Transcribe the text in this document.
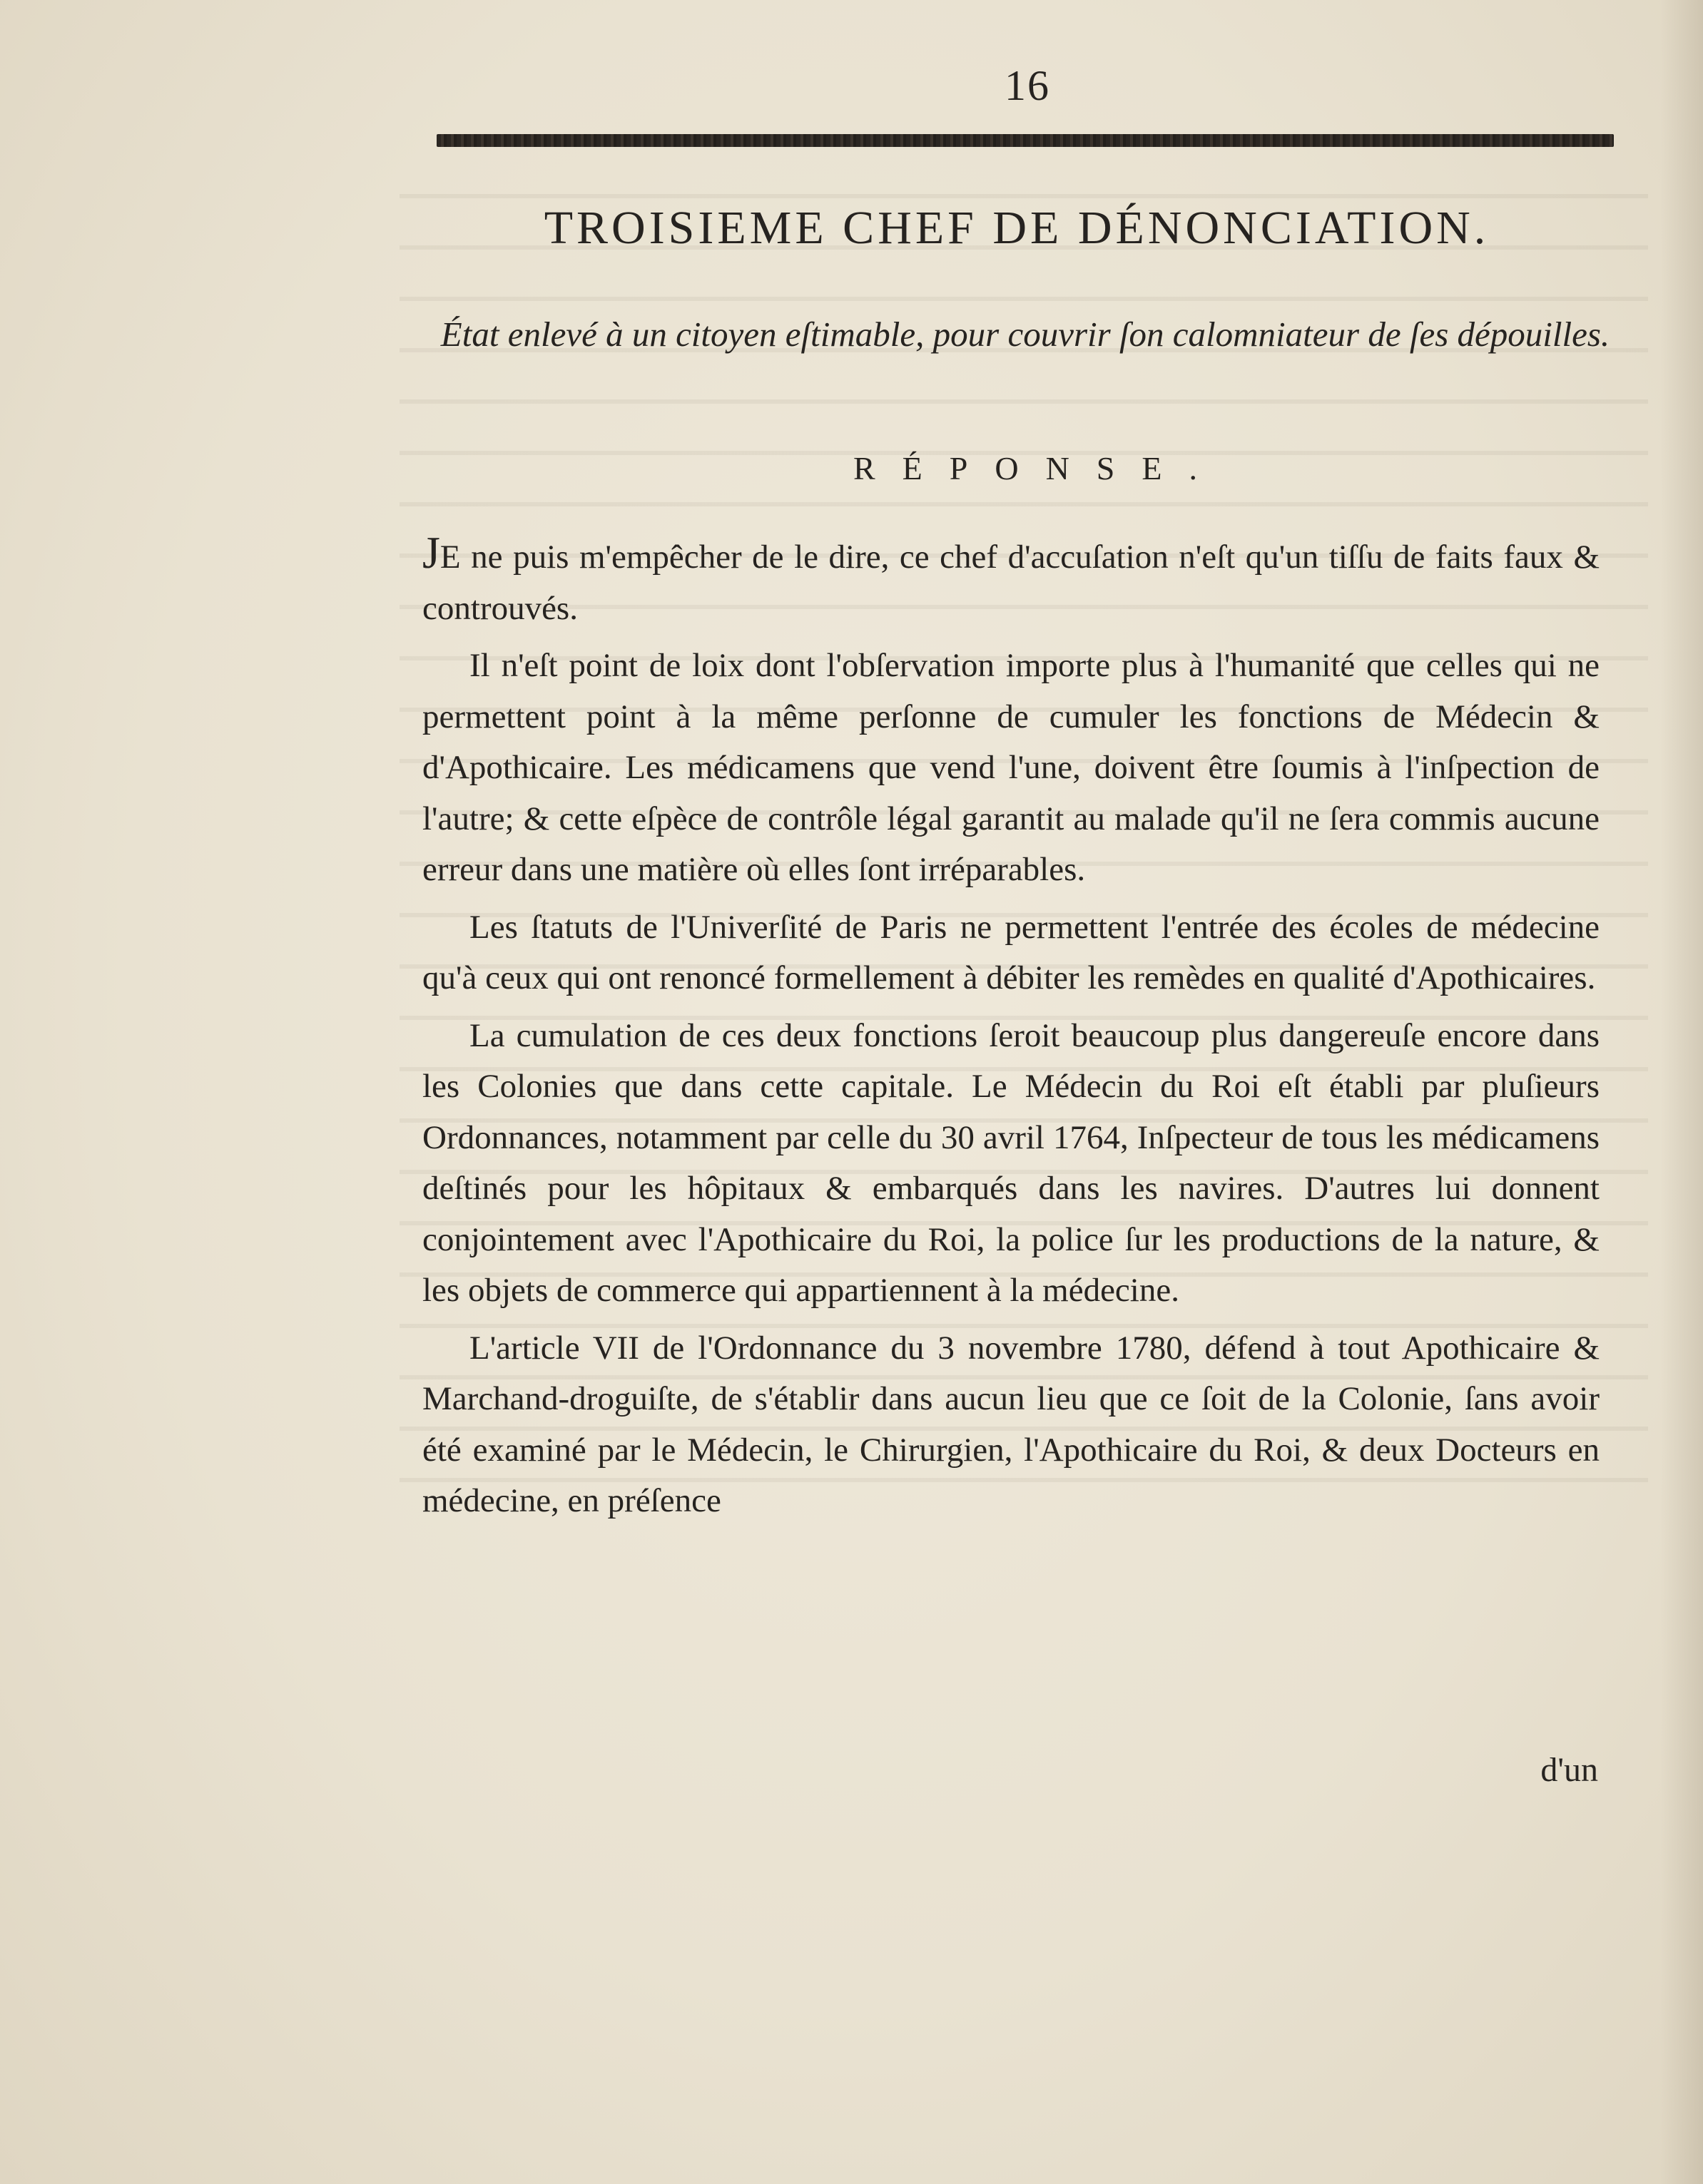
16
TROISIEME CHEF DE DÉNONCIATION.
État enlevé à un citoyen eſtimable, pour couvrir ſon calomniateur de ſes dépouilles.
RÉPONSE.

JE ne puis m'empêcher de le dire, ce chef d'accuſation n'eſt qu'un tiſſu de faits faux & controuvés.

Il n'eſt point de loix dont l'obſervation importe plus à l'humanité que celles qui ne permettent point à la même perſonne de cumuler les fonctions de Médecin & d'Apothicaire. Les médicamens que vend l'une, doivent être ſoumis à l'inſpection de l'autre; & cette eſpèce de contrôle légal garantit au malade qu'il ne ſera commis aucune erreur dans une matière où elles ſont irréparables.

Les ſtatuts de l'Univerſité de Paris ne permettent l'entrée des écoles de médecine qu'à ceux qui ont renoncé formellement à débiter les remèdes en qualité d'Apothicaires.

La cumulation de ces deux fonctions ſeroit beaucoup plus dangereuſe encore dans les Colonies que dans cette capitale. Le Médecin du Roi eſt établi par pluſieurs Ordonnances, notamment par celle du 30 avril 1764, Inſpecteur de tous les médicamens deſtinés pour les hôpitaux & embarqués dans les navires. D'autres lui donnent conjointement avec l'Apothicaire du Roi, la police ſur les productions de la nature, & les objets de commerce qui appartiennent à la médecine.

L'article VII de l'Ordonnance du 3 novembre 1780, défend à tout Apothicaire & Marchand-droguiſte, de s'établir dans aucun lieu que ce ſoit de la Colonie, ſans avoir été examiné par le Médecin, le Chirurgien, l'Apothicaire du Roi, & deux Docteurs en médecine, en préſence

d'un
